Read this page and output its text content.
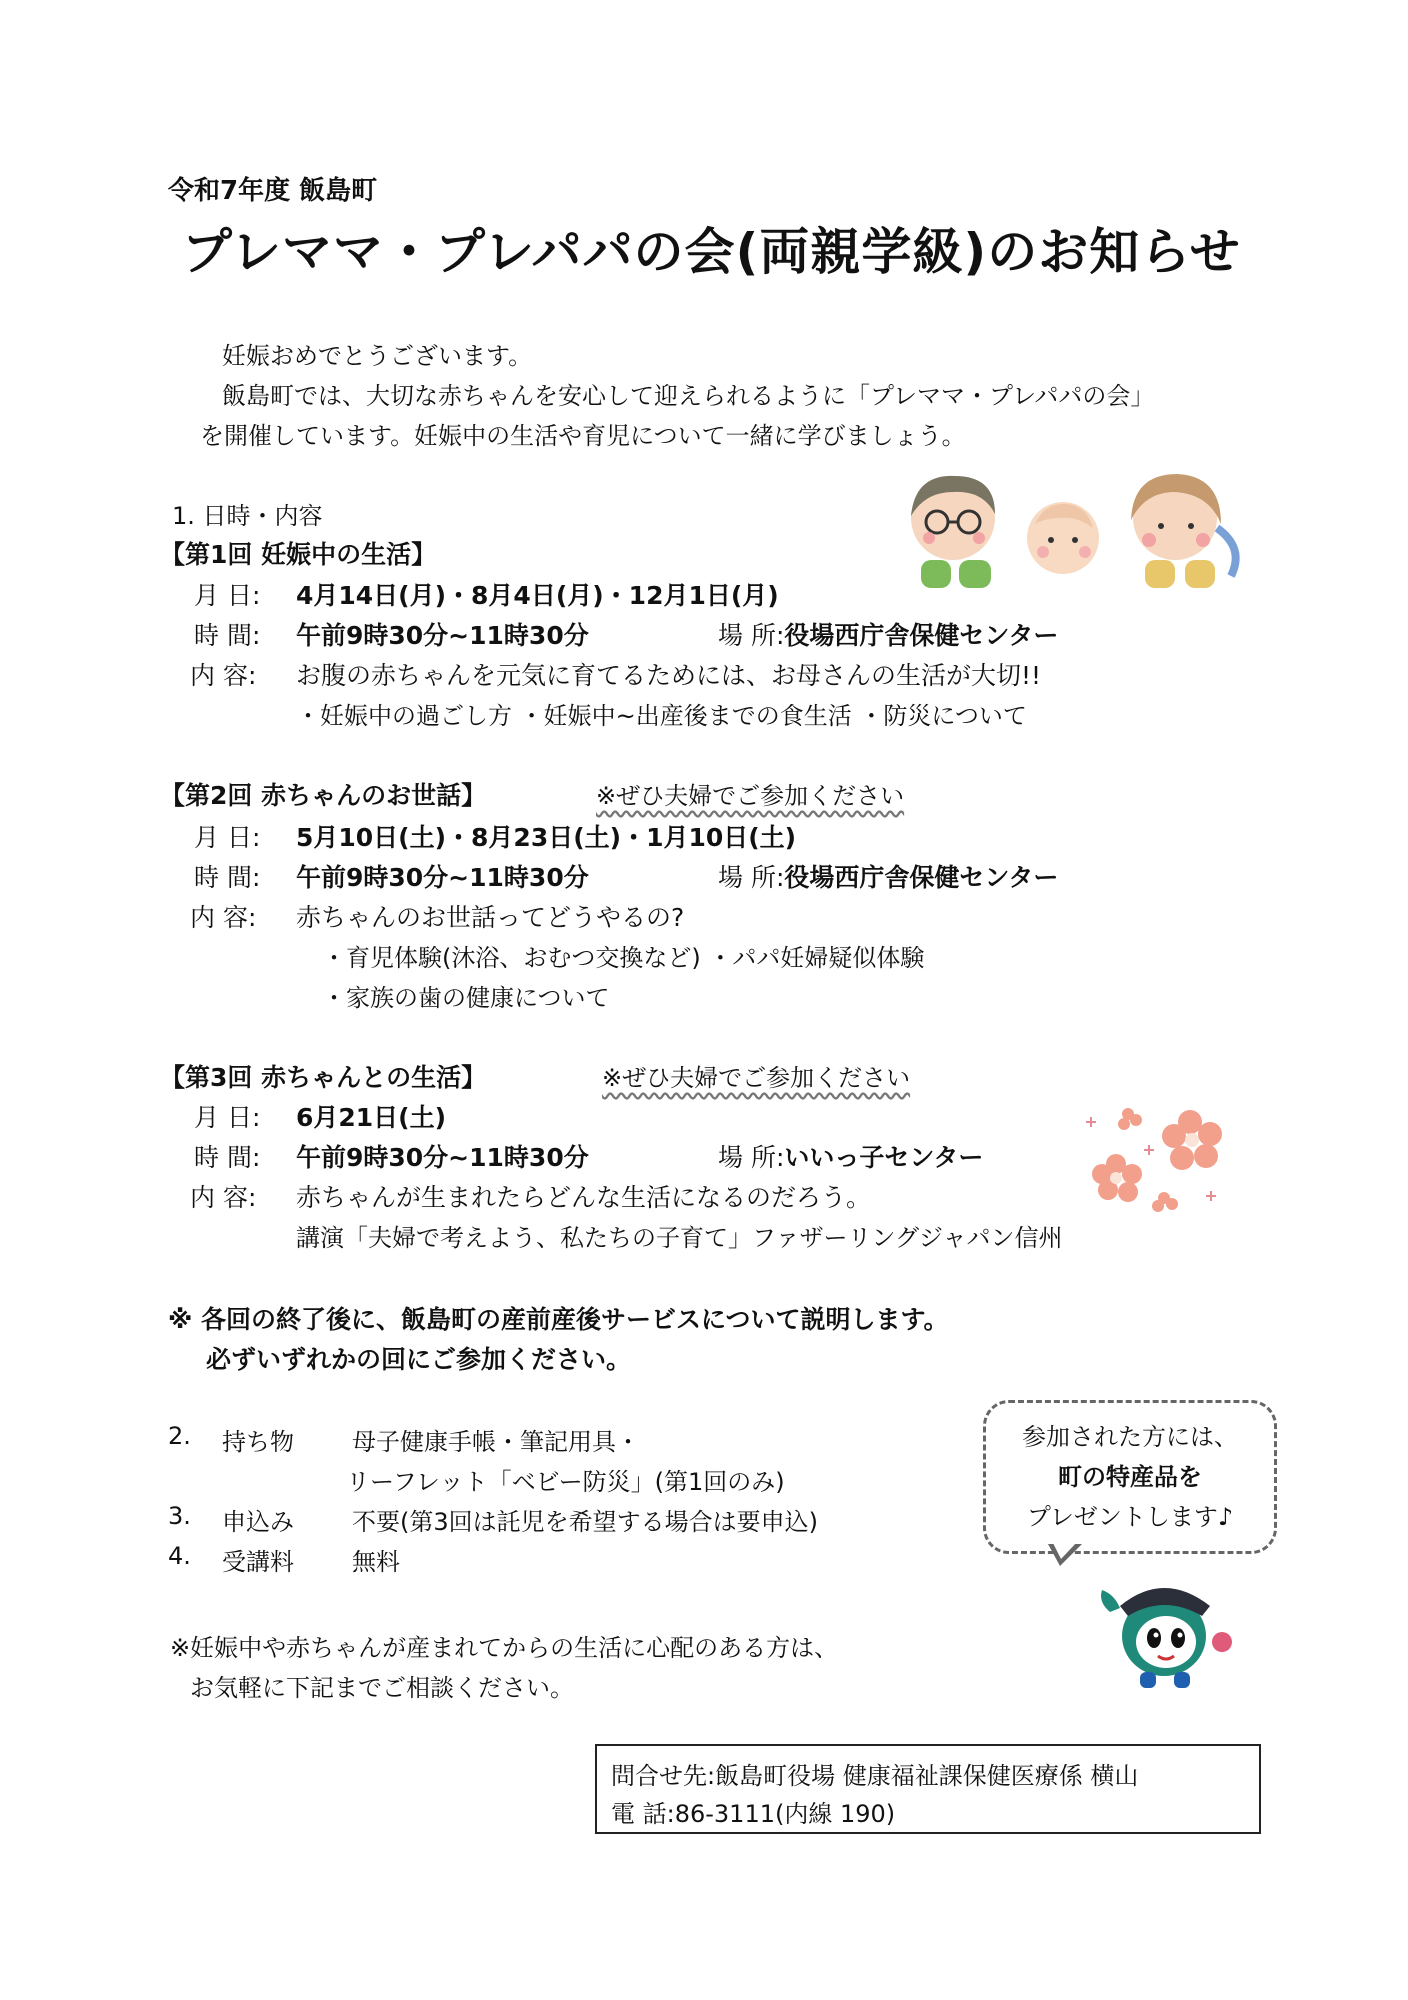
令和7年度 飯島町
プレママ・プレパパの会(両親学級)のお知らせ
妊娠おめでとうございます。
飯島町では、大切な赤ちゃんを安心して迎えられるように「プレママ・プレパパの会」
を開催しています。妊娠中の生活や育児について一緒に学びましょう。
1. 日時・内容
【第1回 妊娠中の生活】
月 日: 4月14日(月)・8月4日(月)・12月1日(月)
時 間: 午前9時30分~11時30分	場 所:役場西庁舎保健センター
内 容: お腹の赤ちゃんを元気に育てるためには、お母さんの生活が大切!!
・妊娠中の過ごし方 ・妊娠中~出産後までの食生活 ・防災について
【第2回 赤ちゃんのお世話】	※ぜひ夫婦でご参加ください
月 日: 5月10日(土)・8月23日(土)・1月10日(土)
時 間: 午前9時30分~11時30分	場 所:役場西庁舎保健センター
内 容: 赤ちゃんのお世話ってどうやるの?
・育児体験(沐浴、おむつ交換など) ・パパ妊婦疑似体験
・家族の歯の健康について
【第3回 赤ちゃんとの生活】	※ぜひ夫婦でご参加ください
月 日: 6月21日(土)
時 間: 午前9時30分~11時30分	場 所:いいっ子センター
内 容: 赤ちゃんが生まれたらどんな生活になるのだろう。
講演「夫婦で考えよう、私たちの子育て」ファザーリングジャパン信州
※ 各回の終了後に、飯島町の産前産後サービスについて説明します。
必ずいずれかの回にご参加ください。
2. 持ち物 母子健康手帳・筆記用具・
リーフレット「ベビー防災」(第1回のみ)
3. 申込み 不要(第3回は託児を希望する場合は要申込)
4. 受講料 無料
参加された方には、
町の特産品を
プレゼントします♪
※妊娠中や赤ちゃんが産まれてからの生活に心配のある方は、
お気軽に下記までご相談ください。
問合せ先:飯島町役場 健康福祉課保健医療係 横山
電 話:86-3111(内線 190)
